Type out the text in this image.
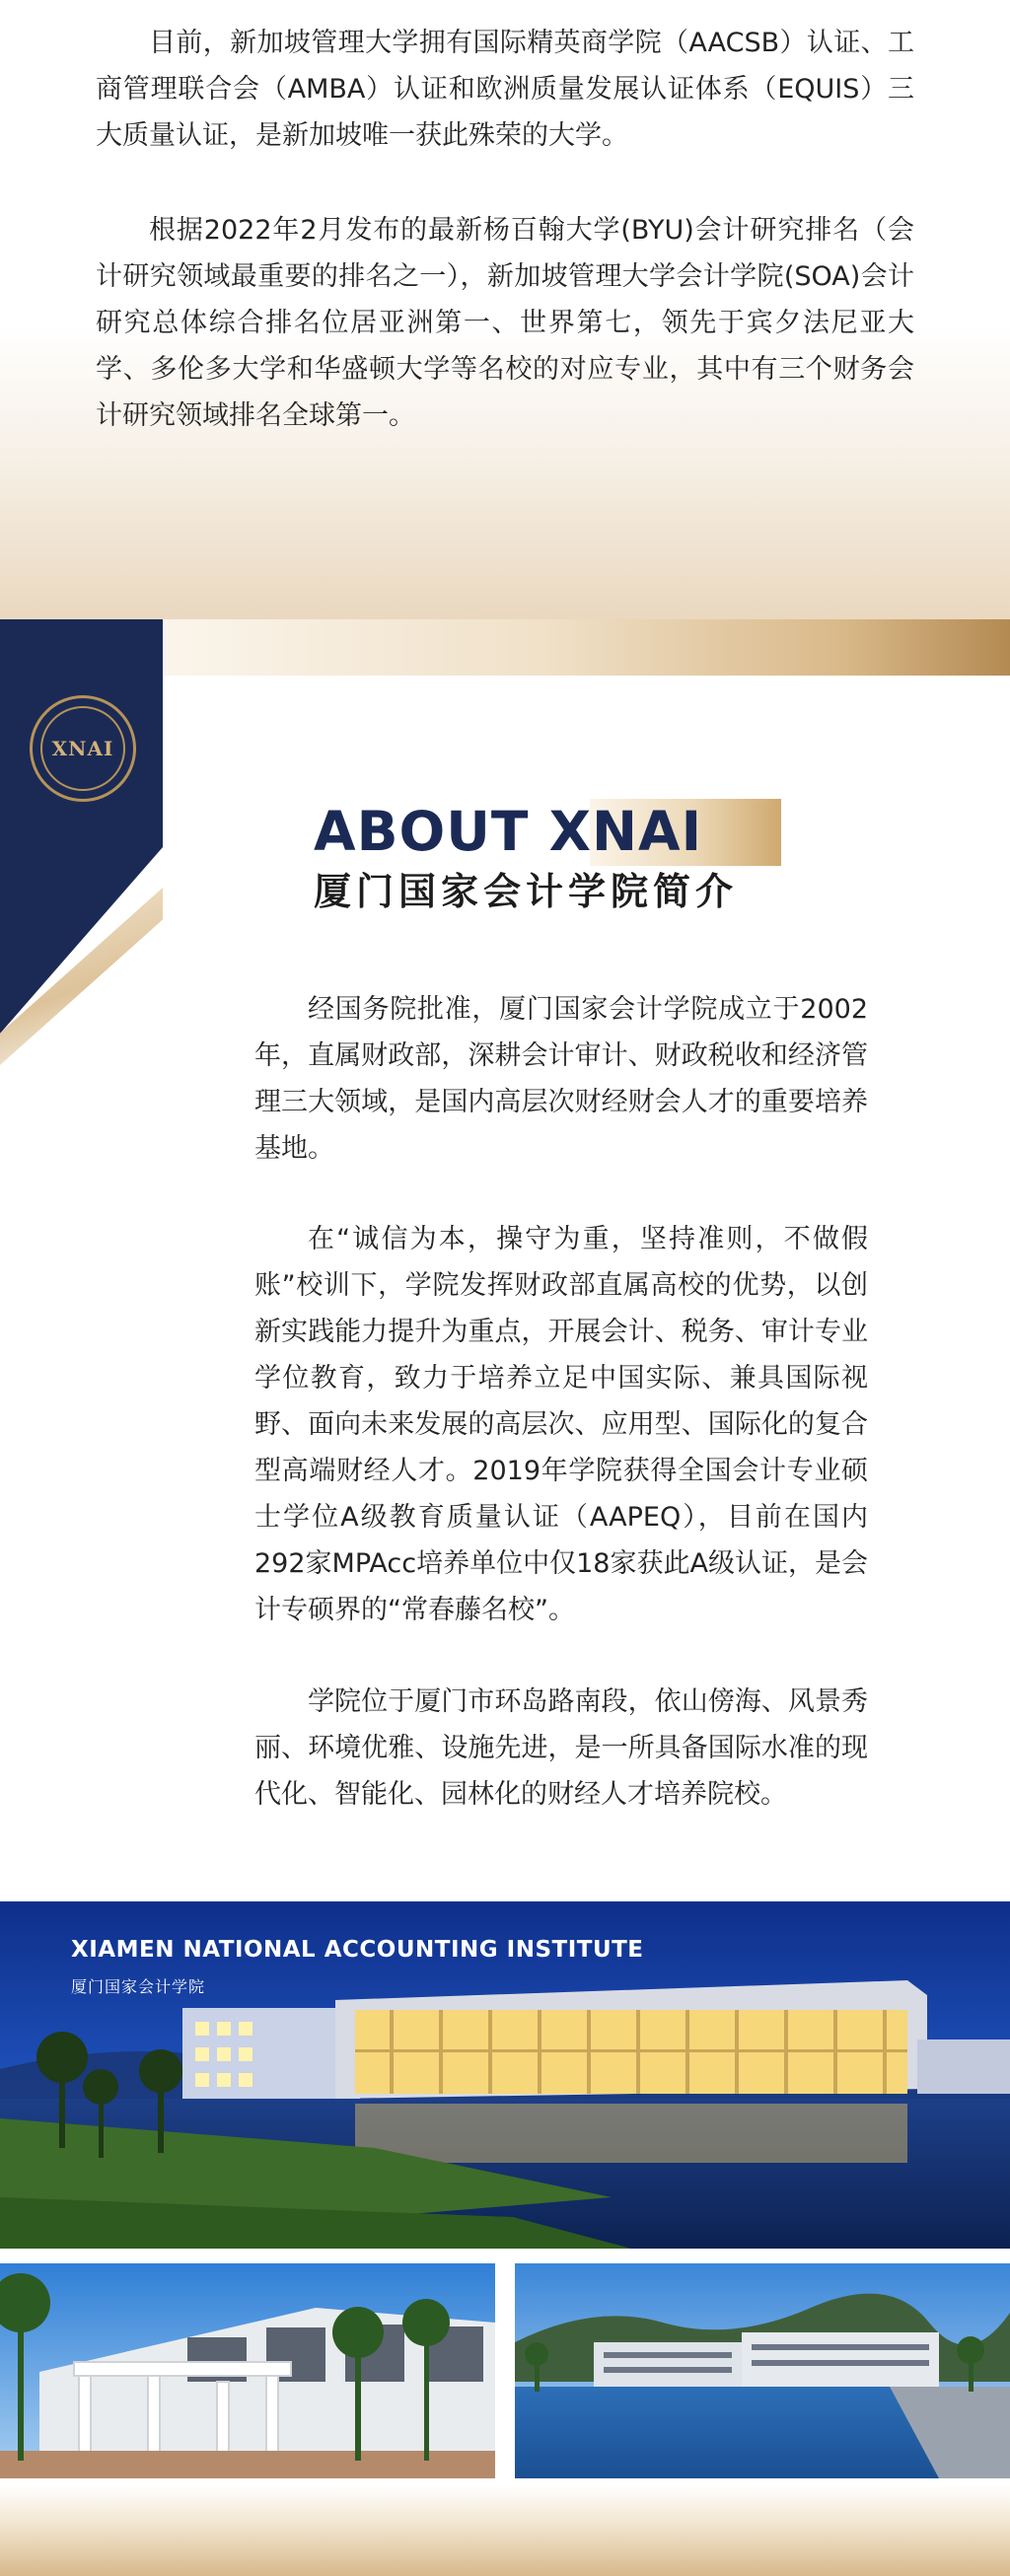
目前，新加坡管理大学拥有国际精英商学院（AACSB）认证、工商管理联合会（AMBA）认证和欧洲质量发展认证体系（EQUIS）三大质量认证，是新加坡唯一获此殊荣的大学。

根据2022年2月发布的最新杨百翰大学(BYU)会计研究排名（会计研究领域最重要的排名之一），新加坡管理大学会计学院(SOA)会计研究总体综合排名位居亚洲第一、世界第七，领先于宾夕法尼亚大学、多伦多大学和华盛顿大学等名校的对应专业，其中有三个财务会计研究领域排名全球第一。

XNAI
ABOUT XNAI
厦门国家会计学院简介

经国务院批准，厦门国家会计学院成立于2002年，直属财政部，深耕会计审计、财政税收和经济管理三大领域，是国内高层次财经财会人才的重要培养基地。

在“诚信为本，操守为重，坚持准则，不做假账”校训下，学院发挥财政部直属高校的优势，以创新实践能力提升为重点，开展会计、税务、审计专业学位教育，致力于培养立足中国实际、兼具国际视野、面向未来发展的高层次、应用型、国际化的复合型高端财经人才。2019年学院获得全国会计专业硕士学位A级教育质量认证（AAPEQ），目前在国内292家MPAcc培养单位中仅18家获此A级认证，是会计专硕界的“常春藤名校”。

学院位于厦门市环岛路南段，依山傍海、风景秀丽、环境优雅、设施先进，是一所具备国际水准的现代化、智能化、园林化的财经人才培养院校。

XIAMEN NATIONAL ACCOUNTING INSTITUTE
厦门国家会计学院
